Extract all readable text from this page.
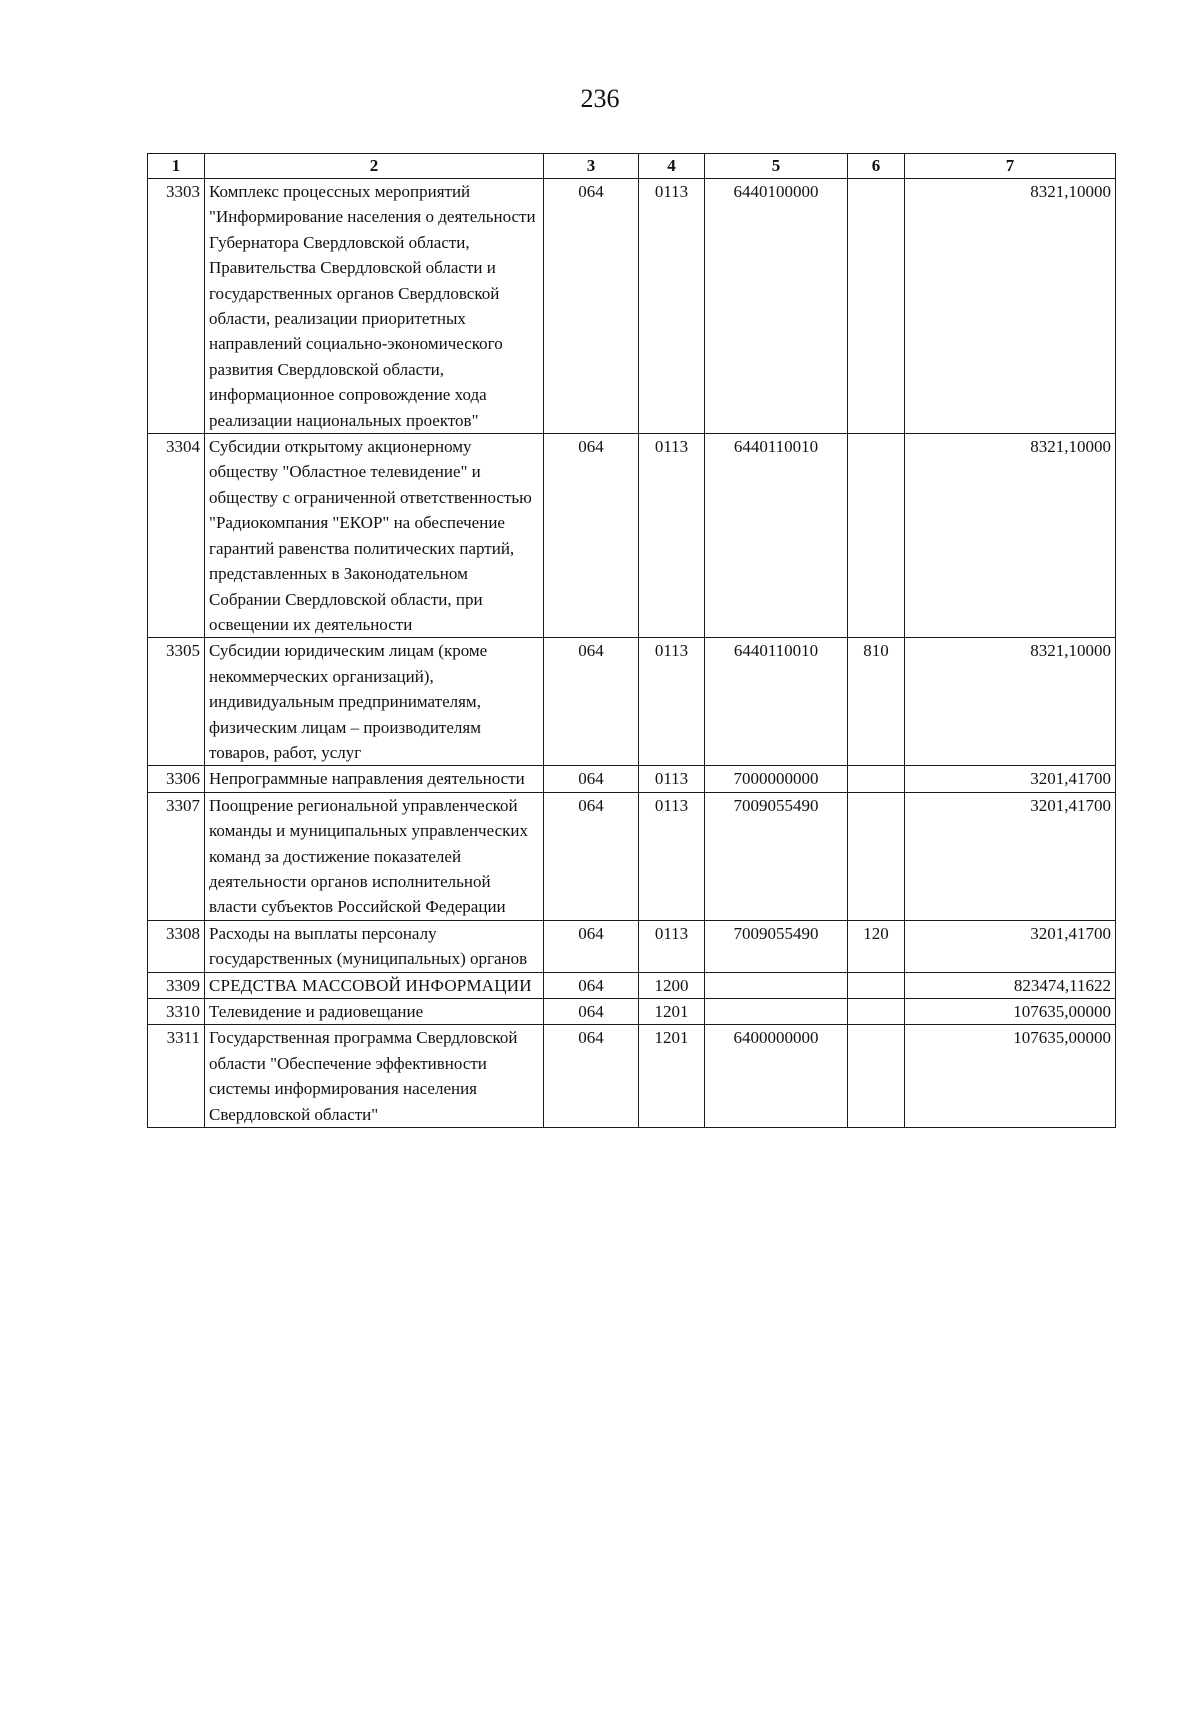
236
1	2	3	4	5	6	7
3303	Комплекс процессных мероприятий "Информирование населения о деятельности Губернатора Свердловской области, Правительства Свердловской области и государственных органов Свердловской области, реализации приоритетных направлений социально-экономического развития Свердловской области, информационное сопровождение хода реализации национальных проектов"	064	0113	6440100000		8321,10000
3304	Субсидии открытому акционерному обществу "Областное телевидение" и обществу с ограниченной ответственностью "Радиокомпания "ЕКОР" на обеспечение гарантий равенства политических партий, представленных в Законодательном Собрании Свердловской области, при освещении их деятельности	064	0113	6440110010		8321,10000
3305	Субсидии юридическим лицам (кроме некоммерческих организаций), индивидуальным предпринимателям, физическим лицам – производителям товаров, работ, услуг	064	0113	6440110010	810	8321,10000
3306	Непрограммные направления деятельности	064	0113	7000000000		3201,41700
3307	Поощрение региональной управленческой команды и муниципальных управленческих команд за достижение показателей деятельности органов исполнительной власти субъектов Российской Федерации	064	0113	7009055490		3201,41700
3308	Расходы на выплаты персоналу государственных (муниципальных) органов	064	0113	7009055490	120	3201,41700
3309	СРЕДСТВА МАССОВОЙ ИНФОРМАЦИИ	064	1200			823474,11622
3310	Телевидение и радиовещание	064	1201			107635,00000
3311	Государственная программа Свердловской области "Обеспечение эффективности системы информирования населения Свердловской области"	064	1201	6400000000		107635,00000
